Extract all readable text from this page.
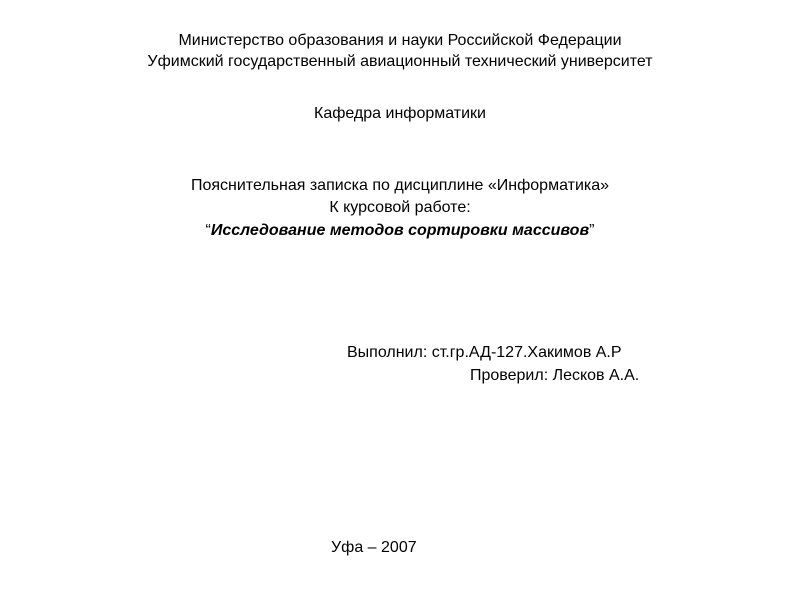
Министерство образования и науки Российской Федерации
Уфимский государственный авиационный технический университет
Кафедра информатики
Пояснительная записка по дисциплине «Информатика»
К курсовой работе:
“Исследование методов сортировки массивов”
Выполнил: ст.гр.АД-127.Хакимов А.Р
Проверил: Лесков А.А.
Уфа – 2007
